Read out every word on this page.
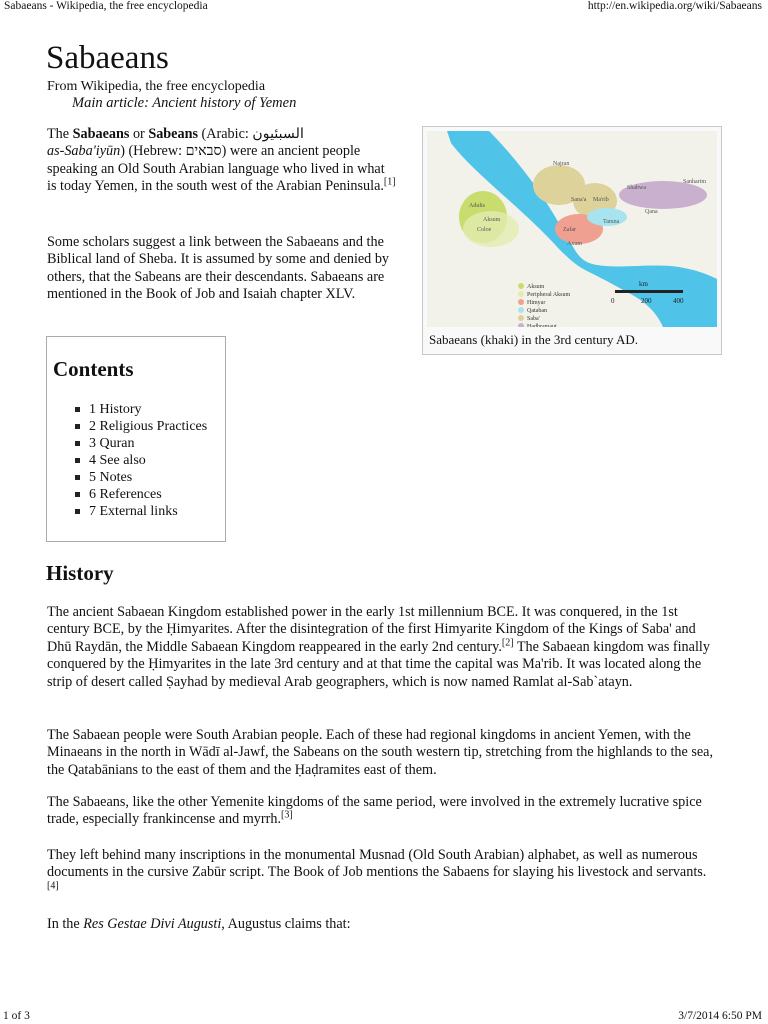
Sabaeans - Wikipedia, the free encyclopedia	http://en.wikipedia.org/wiki/Sabaeans
Sabaeans
From Wikipedia, the free encyclopedia
Main article: Ancient history of Yemen

The Sabaeans or Sabeans (Arabic: السبئيون
as-Saba'iyūn) (Hebrew: סבאים) were an ancient people speaking an Old South Arabian language who lived in what is today Yemen, in the south west of the Arabian Peninsula.[1]

Some scholars suggest a link between the Sabaeans and the Biblical land of Sheba. It is assumed by some and denied by others, that the Sabeans are their descendants. Sabaeans are mentioned in the Book of Job and Isaiah chapter XLV.

Najran
Sana'a Ma'rib
Shabwa
Sanharim
Aksum
Adulis
Qana
Tamna
Zafar
Coloe
Axum
Aksum
Peripheral Aksum
Himyar
Qataban
Saba'
Hadhramaut
km
0	200	400
Sabaeans (khaki) in the 3rd century AD.
Contents
1 History
2 Religious Practices
3 Quran
4 See also
5 Notes
6 References
7 External links
History

The ancient Sabaean Kingdom established power in the early 1st millennium BCE. It was conquered, in the 1st century BCE, by the Ḥimyarites. After the disintegration of the first Himyarite Kingdom of the Kings of Saba' and Dhū Raydān, the Middle Sabaean Kingdom reappeared in the early 2nd century.[2] The Sabaean kingdom was finally conquered by the Ḥimyarites in the late 3rd century and at that time the capital was Ma'rib. It was located along the strip of desert called Ṣayhad by medieval Arab geographers, which is now named Ramlat al-Sab`atayn.

The Sabaean people were South Arabian people. Each of these had regional kingdoms in ancient Yemen, with the Minaeans in the north in Wādī al-Jawf, the Sabeans on the south western tip, stretching from the highlands to the sea, the Qatabānians to the east of them and the Ḥaḍramites east of them.

The Sabaeans, like the other Yemenite kingdoms of the same period, were involved in the extremely lucrative spice trade, especially frankincense and myrrh.[3]

They left behind many inscriptions in the monumental Musnad (Old South Arabian) alphabet, as well as numerous documents in the cursive Zabūr script. The Book of Job mentions the Sabaens for slaying his livestock and servants.[4]

In the Res Gestae Divi Augusti, Augustus claims that:

1 of 3	3/7/2014 6:50 PM
